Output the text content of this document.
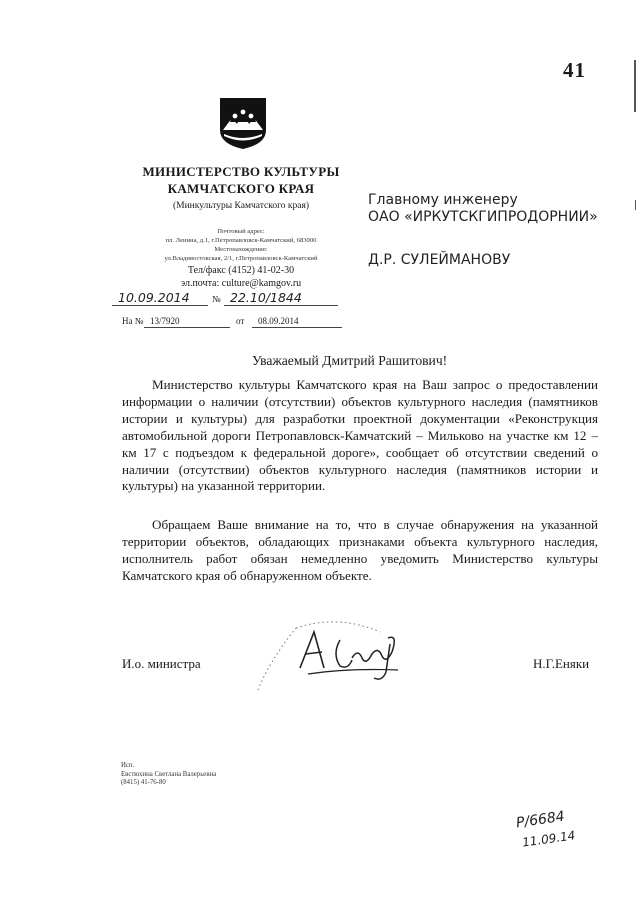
41
МИНИСТЕРСТВО КУЛЬТУРЫ
КАМЧАТСКОГО КРАЯ
(Минкультуры Камчатского края)
Почтовый адрес:
пл. Ленина, д.1, г.Петропавловск-Камчатский, 683000
Местонахождение:
ул.Владивостокская, 2/1, г.Петропавловск-Камчатский
Тел/факс (4152) 41-02-30
эл.почта: culture@kamgov.ru
10.09.2014 № 22.10/1844
На № 13/7920	от 08.09.2014
Главному инженеру
ОАО «ИРКУТСКГИПРОДОРНИИ»
Д.Р. СУЛЕЙМАНОВУ
Уважаемый Дмитрий Рашитович!

Министерство культуры Камчатского края на Ваш запрос о предоставлении информации о наличии (отсутствии) объектов культурного наследия (памятников истории и культуры) для разработки проектной документации «Реконструкция автомобильной дороги Петропавловск-Камчатский – Мильково на участке км 12 – км 17 с подъездом к федеральной дороге», сообщает об отсутствии сведений о наличии (отсутствии) объектов культурного наследия (памятников истории и культуры) на указанной территории.

Обращаем Ваше внимание на то, что в случае обнаружения на указанной территории объектов, обладающих признаками объекта культурного наследия, исполнитель работ обязан немедленно уведомить Министерство культуры Камчатского края об обнаруженном объекте.

И.о. министра	Н.Г.Еняки
Исп.
Евстюхина Светлана Валерьевна
(8415) 41-76-80
Р/6684
11.09.14
